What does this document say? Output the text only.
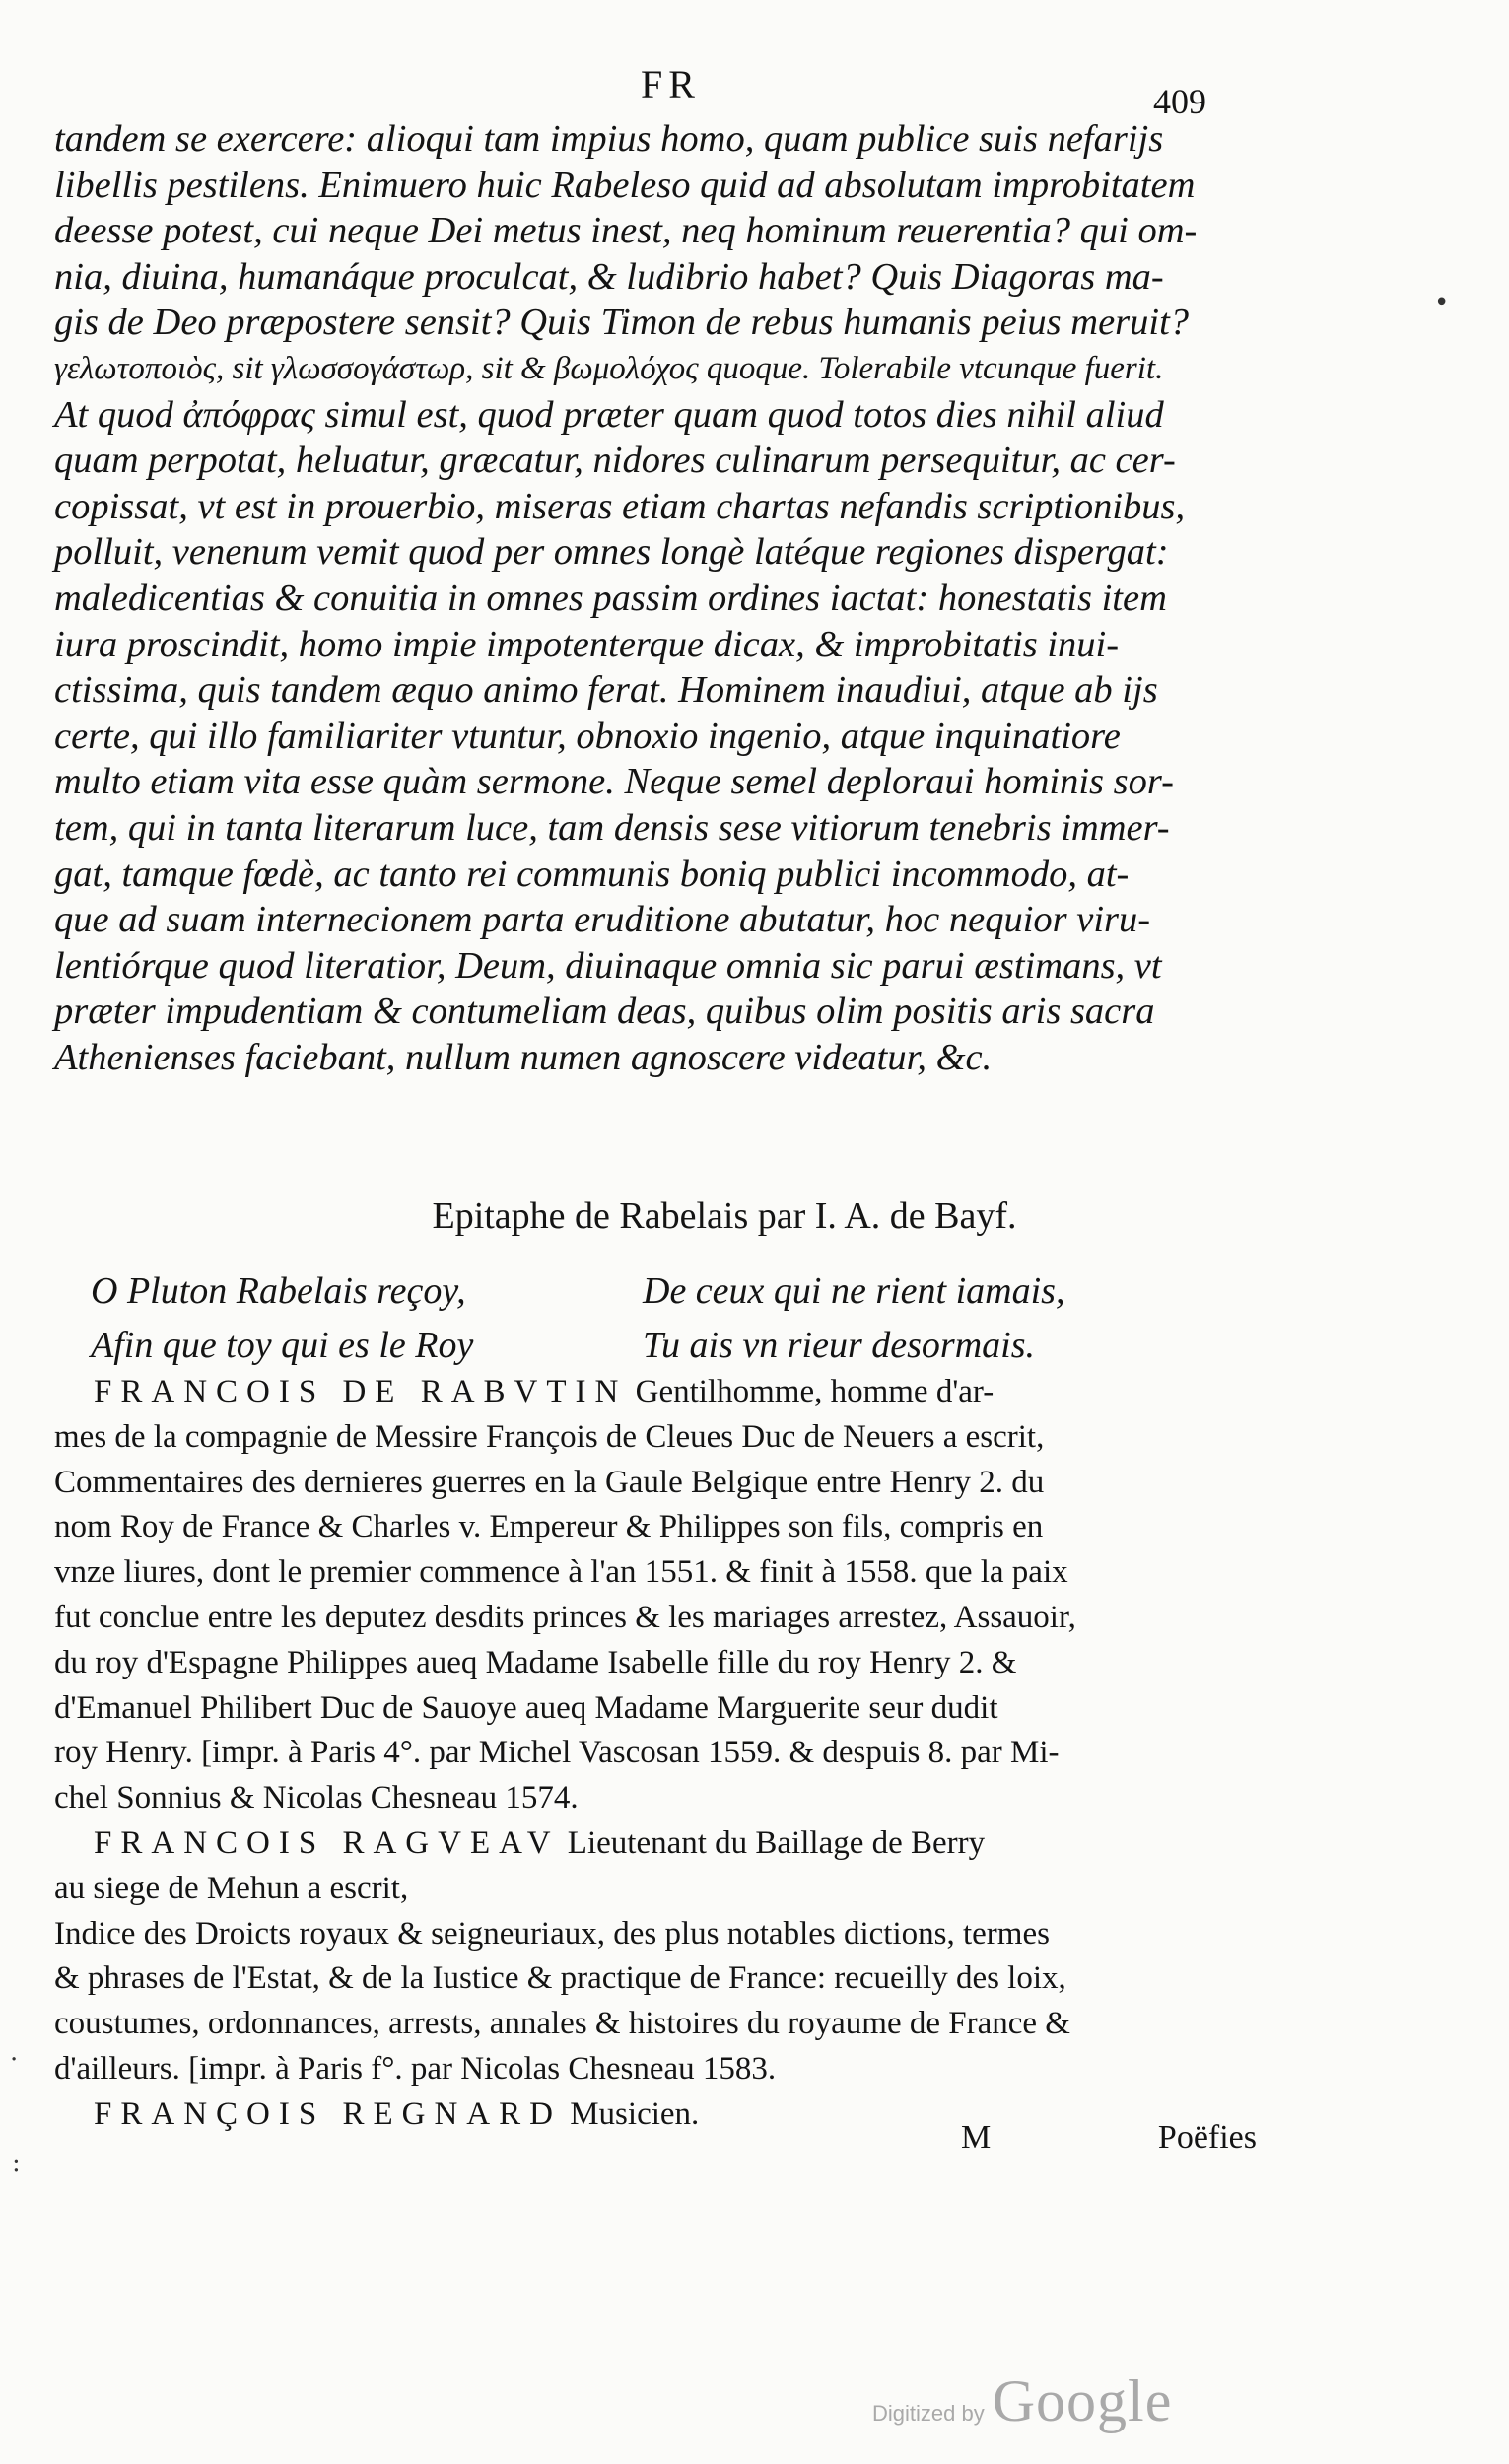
FR	409
tandem se exercere: alioqui tam impius homo, quam publice suis nefarijs
libellis pestilens. Enimuero huic Rabeleso quid ad absolutam improbitatem
deesse potest, cui neque Dei metus inest, neq hominum reuerentia? qui om-
nia, diuina, humanáque proculcat, & ludibrio habet? Quis Diagoras ma-
gis de Deo præpostere sensit? Quis Timon de rebus humanis peius meruit?
γελωτοποιὸς, sit γλωσσογάστωρ, sit & βωμολόχος quoque. Tolerabile vtcunque fuerit.
At quod ἀπόφρας simul est, quod præter quam quod totos dies nihil aliud
quam perpotat, heluatur, græcatur, nidores culinarum persequitur, ac cer-
copissat, vt est in prouerbio, miseras etiam chartas nefandis scriptionibus,
polluit, venenum vemit quod per omnes longè latéque regiones dispergat:
maledicentias & conuitia in omnes passim ordines iactat: honestatis item
iura proscindit, homo impie impotenterque dicax, & improbitatis inui-
ctissima, quis tandem æquo animo ferat. Hominem inaudiui, atque ab ijs
certe, qui illo familiariter vtuntur, obnoxio ingenio, atque inquinatiore
multo etiam vita esse quàm sermone. Neque semel deploraui hominis sor-
tem, qui in tanta literarum luce, tam densis sese vitiorum tenebris immer-
gat, tamque fœdè, ac tanto rei communis boniq publici incommodo, at-
que ad suam internecionem parta eruditione abutatur, hoc nequior viru-
lentiórque quod literatior, Deum, diuinaque omnia sic parui æstimans, vt
præter impudentiam & contumeliam deas, quibus olim positis aris sacra
Athenienses faciebant, nullum numen agnoscere videatur, &c.
Epitaphe de Rabelais par I. A. de Bayf.
O Pluton Rabelais reçoy,	De ceux qui ne rient iamais,
Afin que toy qui es le Roy	Tu ais vn rieur desormais.
FRANCOIS DE RABVTIN Gentilhomme, homme d'ar-
mes de la compagnie de Messire François de Cleues Duc de Neuers a escrit,
Commentaires des dernieres guerres en la Gaule Belgique entre Henry 2. du
nom Roy de France & Charles v. Empereur & Philippes son fils, compris en
vnze liures, dont le premier commence à l'an 1551. & finit à 1558. que la paix
fut conclue entre les deputez desdits princes & les mariages arrestez, Assauoir,
du roy d'Espagne Philippes aueq Madame Isabelle fille du roy Henry 2. &
d'Emanuel Philibert Duc de Sauoye aueq Madame Marguerite seur dudit
roy Henry. [impr. à Paris 4°. par Michel Vascosan 1559. & despuis 8. par Mi-
chel Sonnius & Nicolas Chesneau 1574.
FRANCOIS RAGVEAV Lieutenant du Baillage de Berry
au siege de Mehun a escrit,
Indice des Droicts royaux & seigneuriaux, des plus notables dictions, termes
& phrases de l'Estat, & de la Iustice & practique de France: recueilly des loix,
coustumes, ordonnances, arrests, annales & histoires du royaume de France &
d'ailleurs. [impr. à Paris f°. par Nicolas Chesneau 1583.
FRANÇOIS REGNARD Musicien.
M	Poëfies
•
·
:
Digitized by Google
